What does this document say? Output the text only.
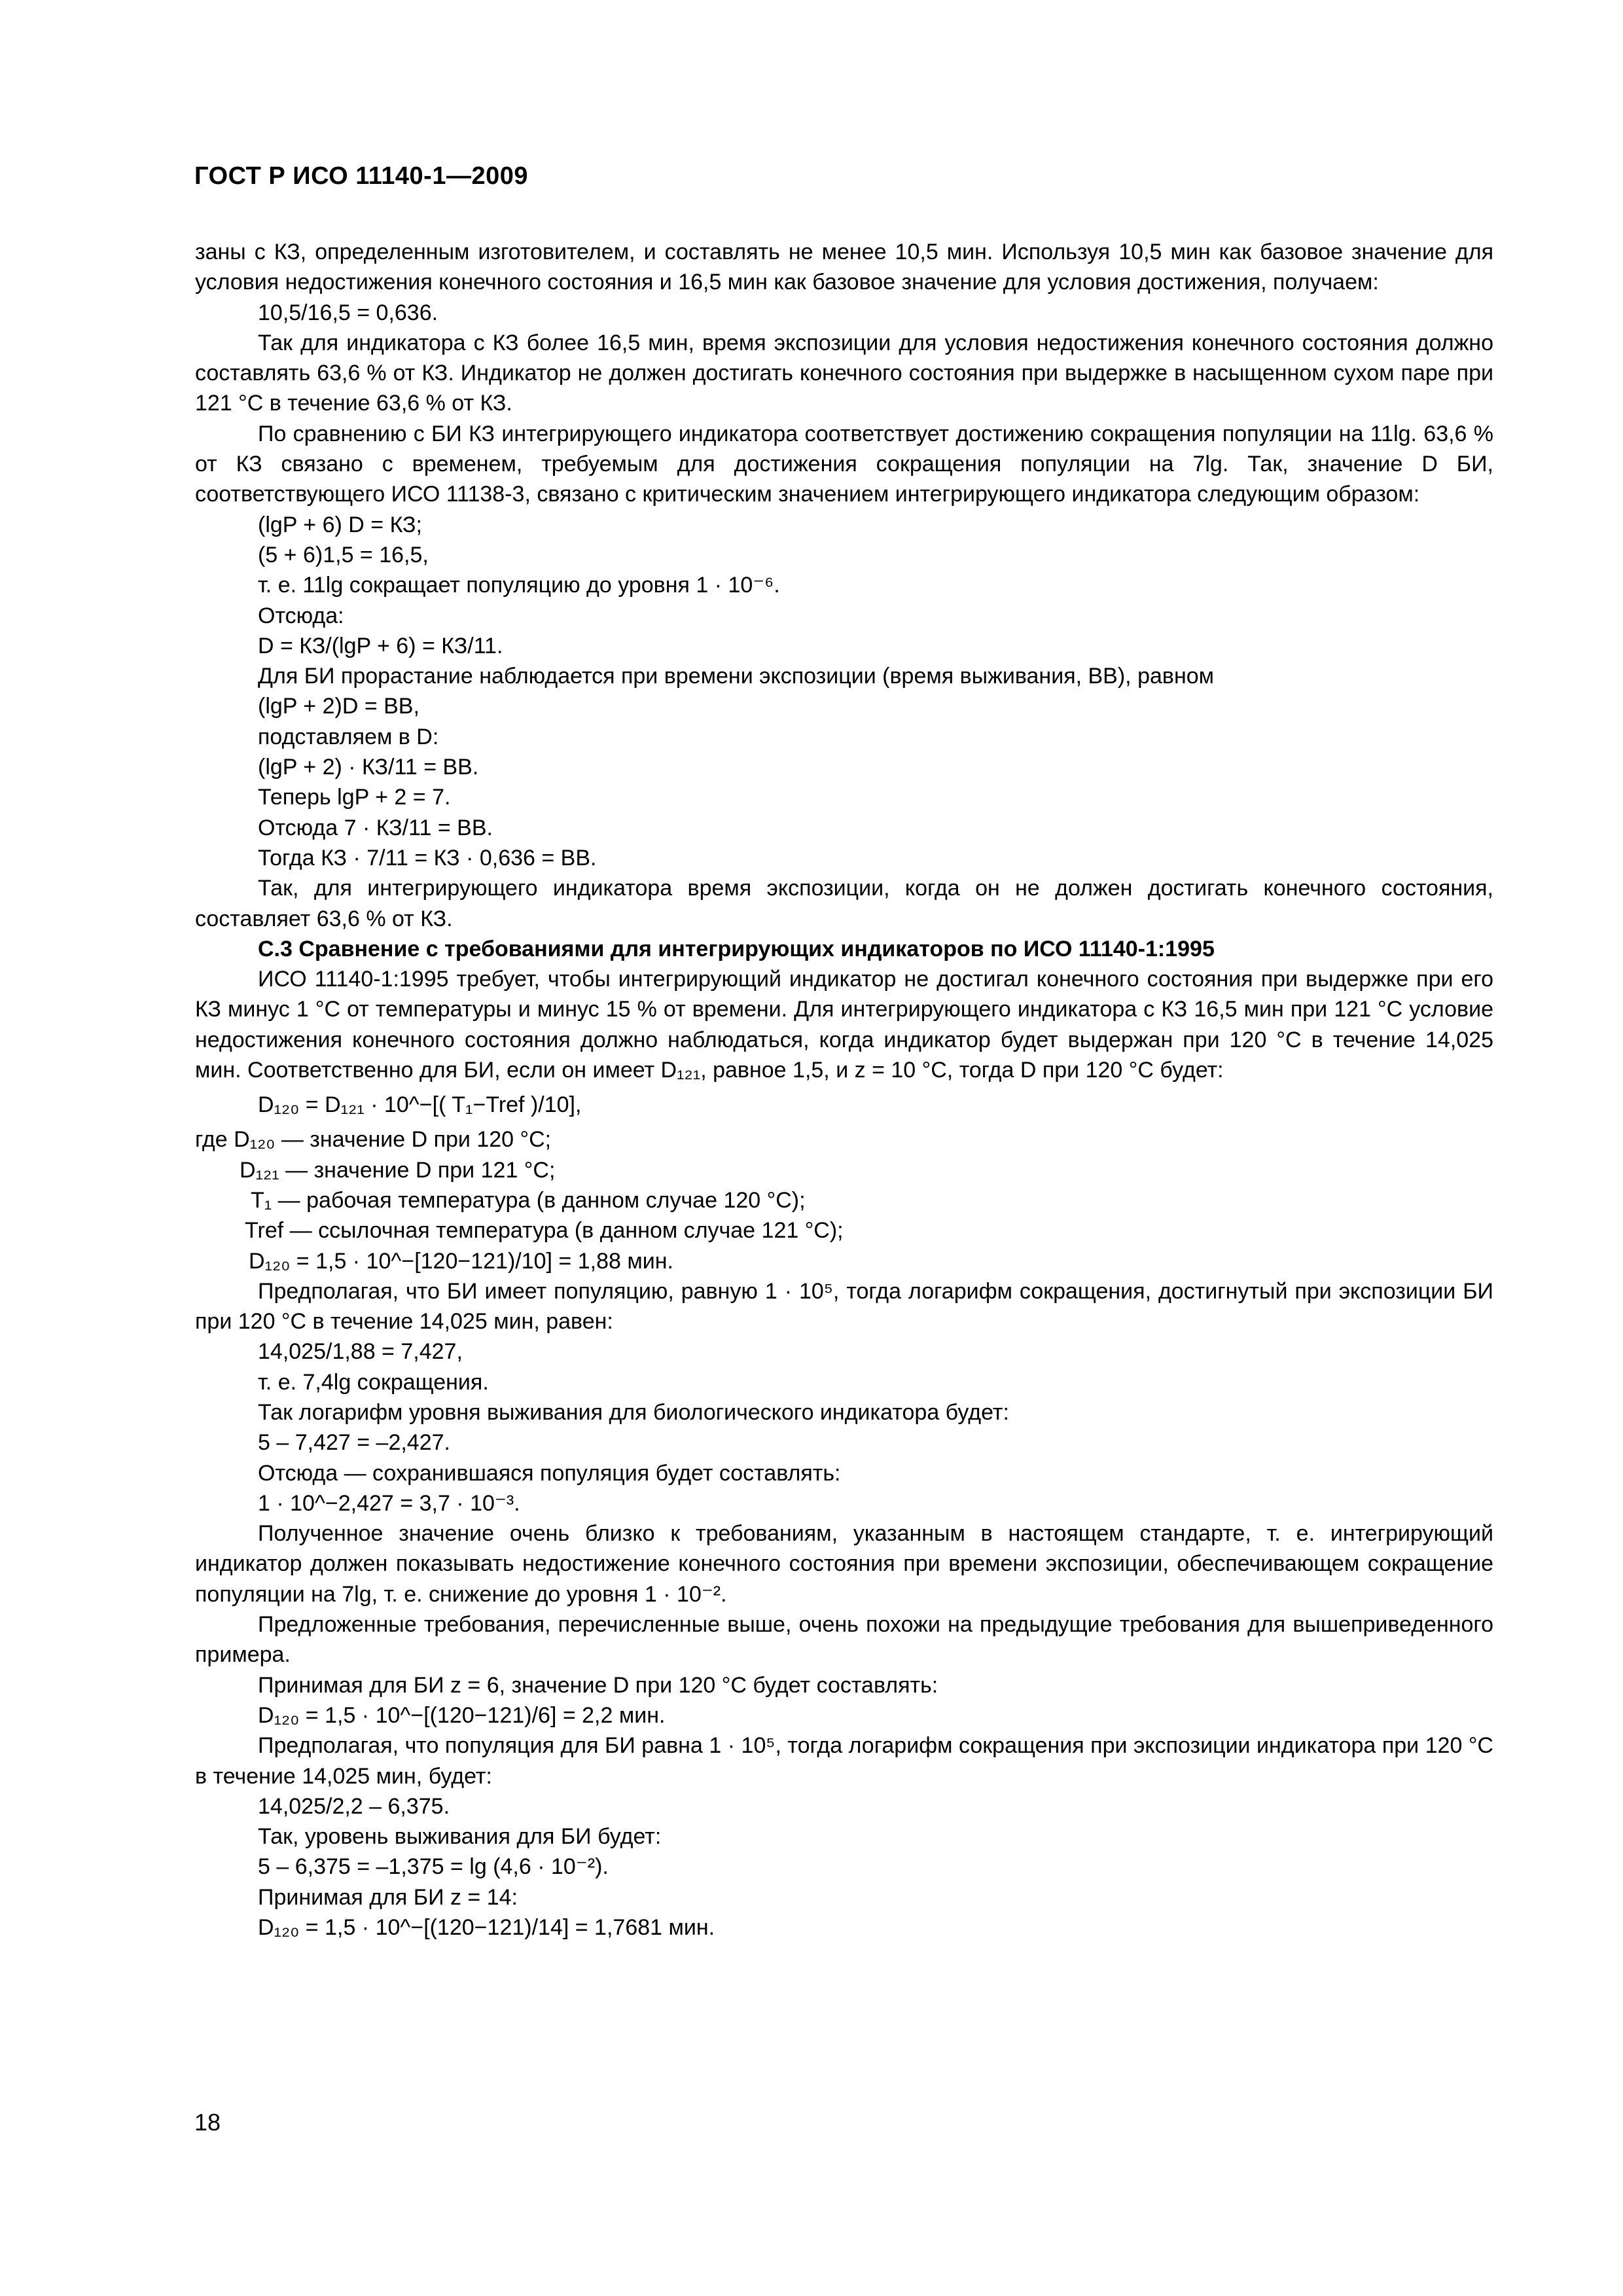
ГОСТ Р ИСО 11140-1—2009

заны с КЗ, определенным изготовителем, и составлять не менее 10,5 мин. Используя 10,5 мин как базовое значение для условия недостижения конечного состояния и 16,5 мин как базовое значение для условия достижения, получаем:

10,5/16,5 = 0,636.

Так для индикатора с КЗ более 16,5 мин, время экспозиции для условия недостижения конечного состояния должно составлять 63,6 % от КЗ. Индикатор не должен достигать конечного состояния при выдержке в насыщенном сухом паре при 121 °С в течение 63,6 % от КЗ.

По сравнению с БИ КЗ интегрирующего индикатора соответствует достижению сокращения популяции на 11lg. 63,6 % от КЗ связано с временем, требуемым для достижения сокращения популяции на 7lg. Так, значение D БИ, соответствующего ИСО 11138-3, связано с критическим значением интегрирующего индикатора следующим образом:

(lgP + 6) D = КЗ;

(5 + 6)1,5 = 16,5,

т. е. 11lg сокращает популяцию до уровня 1 · 10⁻⁶.

Отсюда:

D = КЗ/(lgP + 6) = КЗ/11.

Для БИ прорастание наблюдается при времени экспозиции (время выживания, ВВ), равном

(lgP + 2)D = ВВ,

подставляем в D:

(lgP + 2) · КЗ/11 = ВВ.

Теперь lgP + 2 = 7.

Отсюда 7 · КЗ/11 = ВВ.

Тогда КЗ · 7/11 = КЗ · 0,636 = ВВ.

Так, для интегрирующего индикатора время экспозиции, когда он не должен достигать конечного состояния, составляет 63,6 % от КЗ.

С.3 Сравнение с требованиями для интегрирующих индикаторов по ИСО 11140-1:1995

ИСО 11140-1:1995 требует, чтобы интегрирующий индикатор не достигал конечного состояния при выдержке при его КЗ минус 1 °С от температуры и минус 15 % от времени. Для интегрирующего индикатора с КЗ 16,5 мин при 121 °С условие недостижения конечного состояния должно наблюдаться, когда индикатор будет выдержан при 120 °С в течение 14,025 мин. Соответственно для БИ, если он имеет D₁₂₁, равное 1,5, и z = 10 °С, тогда D при 120 °С будет:

D₁₂₀ = D₁₂₁ · 10^−[( T₁−Tref )/10],

где D₁₂₀ — значение D при 120 °С;

D₁₂₁ — значение D при 121 °С;

T₁ — рабочая температура (в данном случае 120 °С);

Tref — ссылочная температура (в данном случае 121 °С);

D₁₂₀ = 1,5 · 10^−[120−121)/10] = 1,88 мин.

Предполагая, что БИ имеет популяцию, равную 1 · 10⁵, тогда логарифм сокращения, достигнутый при экспозиции БИ при 120 °С в течение 14,025 мин, равен:

14,025/1,88 = 7,427,

т. е. 7,4lg сокращения.

Так логарифм уровня выживания для биологического индикатора будет:

5 – 7,427 = –2,427.

Отсюда — сохранившаяся популяция будет составлять:

1 · 10^−2,427 = 3,7 · 10⁻³.

Полученное значение очень близко к требованиям, указанным в настоящем стандарте, т. е. интегрирующий индикатор должен показывать недостижение конечного состояния при времени экспозиции, обеспечивающем сокращение популяции на 7lg, т. е. снижение до уровня 1 · 10⁻².

Предложенные требования, перечисленные выше, очень похожи на предыдущие требования для вышеприведенного примера.

Принимая для БИ z = 6, значение D при 120 °С будет составлять:

D₁₂₀ = 1,5 · 10^−[(120−121)/6] = 2,2 мин.

Предполагая, что популяция для БИ равна 1 · 10⁵, тогда логарифм сокращения при экспозиции индикатора при 120 °С в течение 14,025 мин, будет:

14,025/2,2 – 6,375.

Так, уровень выживания для БИ будет:

5 – 6,375 = –1,375 = lg (4,6 · 10⁻²).

Принимая для БИ z = 14:

D₁₂₀ = 1,5 · 10^−[(120−121)/14] = 1,7681 мин.

18
